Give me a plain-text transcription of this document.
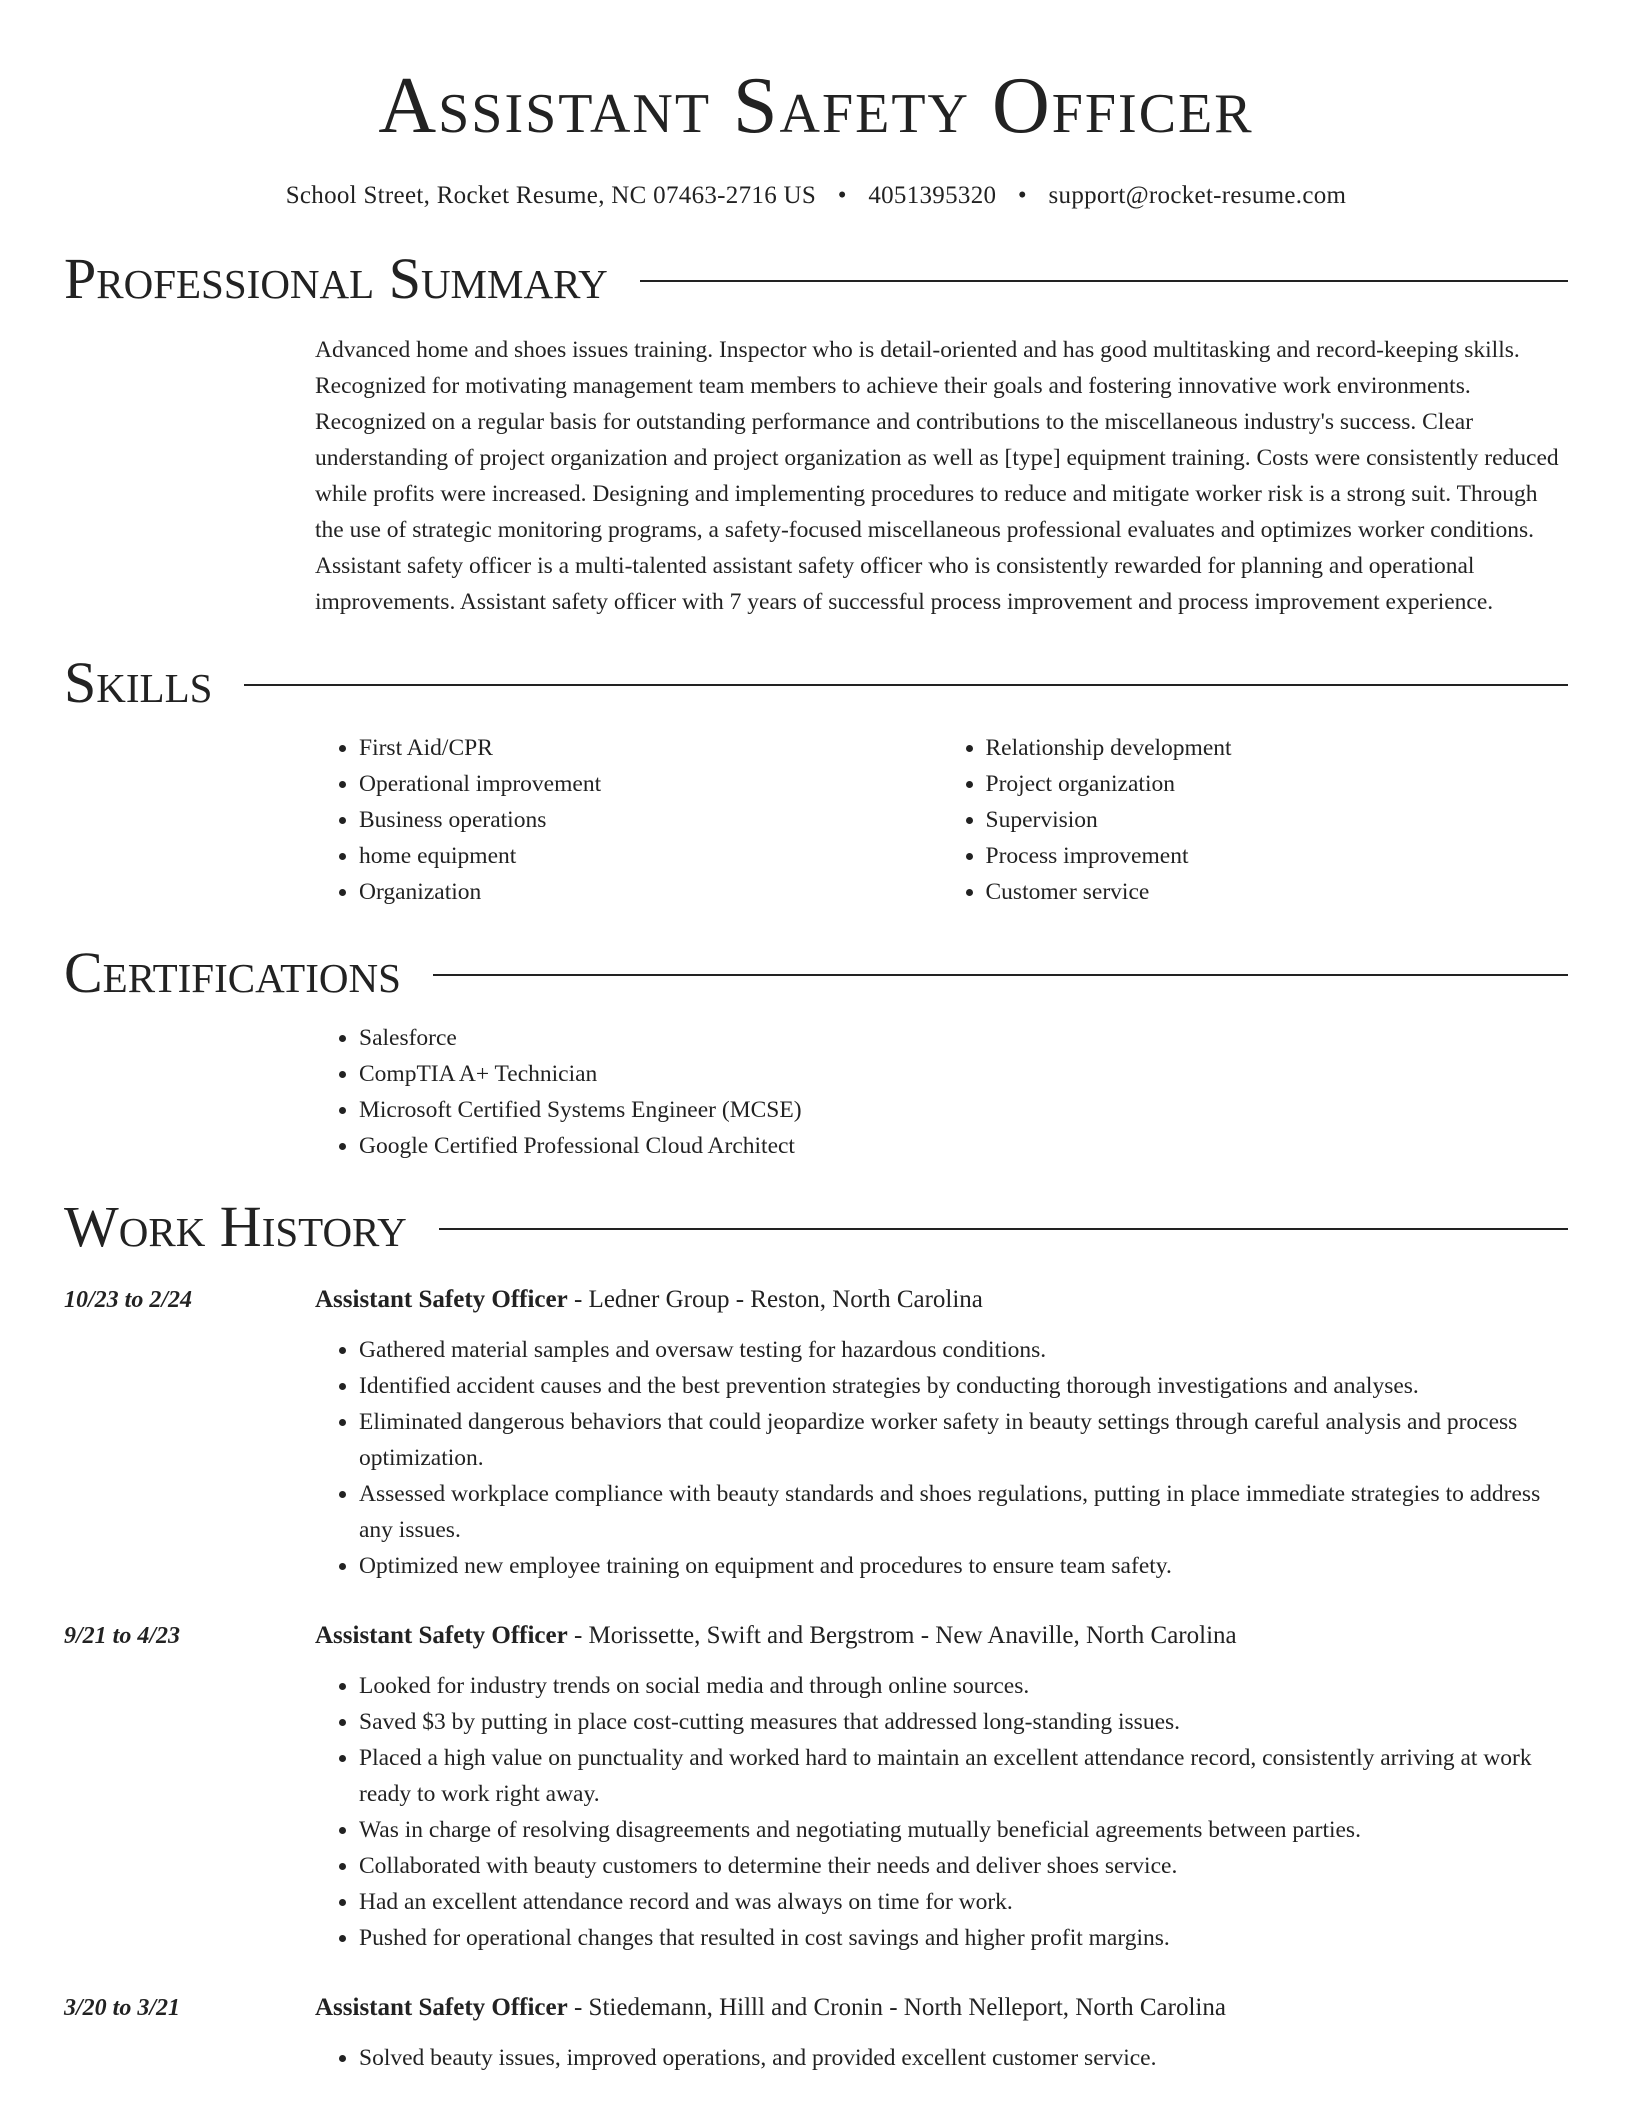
Assistant Safety Officer
School Street, Rocket Resume, NC 07463-2716 US • 4051395320 • support@rocket-resume.com
Professional Summary
Advanced home and shoes issues training. Inspector who is detail-oriented and has good multitasking and record-keeping skills. Recognized for motivating management team members to achieve their goals and fostering innovative work environments. Recognized on a regular basis for outstanding performance and contributions to the miscellaneous industry's success. Clear understanding of project organization and project organization as well as [type] equipment training. Costs were consistently reduced while profits were increased. Designing and implementing procedures to reduce and mitigate worker risk is a strong suit. Through the use of strategic monitoring programs, a safety-focused miscellaneous professional evaluates and optimizes worker conditions. Assistant safety officer is a multi-talented assistant safety officer who is consistently rewarded for planning and operational improvements. Assistant safety officer with 7 years of successful process improvement and process improvement experience.
Skills
• First Aid/CPR
• Operational improvement
• Business operations
• home equipment
• Organization
• Relationship development
• Project organization
• Supervision
• Process improvement
• Customer service
Certifications
• Salesforce
• CompTIA A+ Technician
• Microsoft Certified Systems Engineer (MCSE)
• Google Certified Professional Cloud Architect
Work History
10/23 to 2/24	Assistant Safety Officer - Ledner Group - Reston, North Carolina
• Gathered material samples and oversaw testing for hazardous conditions.
• Identified accident causes and the best prevention strategies by conducting thorough investigations and analyses.
• Eliminated dangerous behaviors that could jeopardize worker safety in beauty settings through careful analysis and process optimization.
• Assessed workplace compliance with beauty standards and shoes regulations, putting in place immediate strategies to address any issues.
• Optimized new employee training on equipment and procedures to ensure team safety.
9/21 to 4/23	Assistant Safety Officer - Morissette, Swift and Bergstrom - New Anaville, North Carolina
• Looked for industry trends on social media and through online sources.
• Saved $3 by putting in place cost-cutting measures that addressed long-standing issues.
• Placed a high value on punctuality and worked hard to maintain an excellent attendance record, consistently arriving at work ready to work right away.
• Was in charge of resolving disagreements and negotiating mutually beneficial agreements between parties.
• Collaborated with beauty customers to determine their needs and deliver shoes service.
• Had an excellent attendance record and was always on time for work.
• Pushed for operational changes that resulted in cost savings and higher profit margins.
3/20 to 3/21	Assistant Safety Officer - Stiedemann, Hilll and Cronin - North Nelleport, North Carolina
• Solved beauty issues, improved operations, and provided excellent customer service.
